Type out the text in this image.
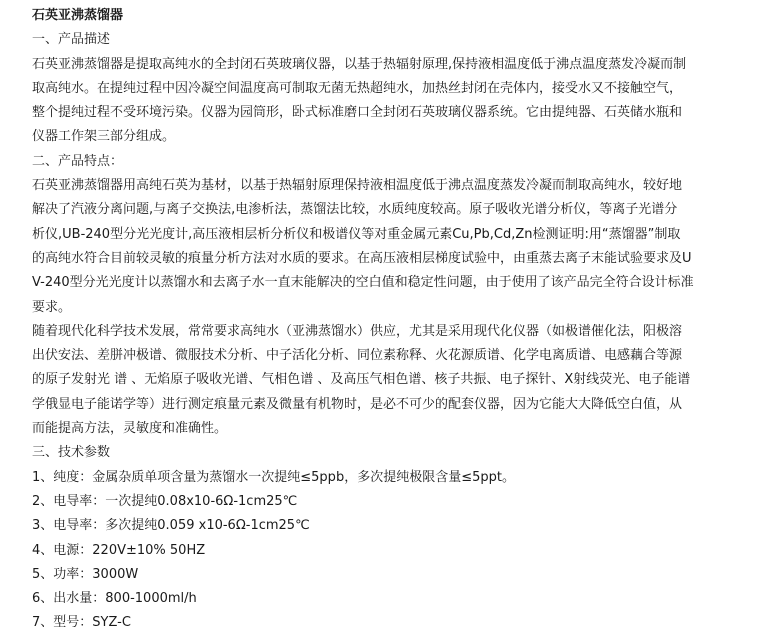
石英亚沸蒸馏器
一、产品描述
石英亚沸蒸馏器是提取高纯水的全封闭石英玻璃仪器，以基于热辐射原理,保持液相温度低于沸点温度蒸发冷凝而制
取高纯水。在提纯过程中因冷凝空间温度高可制取无菌无热超纯水，加热丝封闭在壳体内，接受水又不接触空气，
整个提纯过程不受环境污染。仪器为园筒形，卧式标准磨口全封闭石英玻璃仪器系统。它由提纯器、石英储水瓶和
仪器工作架三部分组成。
二、产品特点：
石英亚沸蒸馏器用高纯石英为基材，以基于热辐射原理保持液相温度低于沸点温度蒸发冷凝而制取高纯水，较好地
解决了汽液分离问题,与离子交换法,电渗析法，蒸馏法比较，水质纯度较高。原子吸收光谱分析仪，等离子光谱分
析仪,UB-240型分光光度计,高压液相层析分析仪和极谱仪等对重金属元素Cu,Pb,Cd,Zn检测证明:用“蒸馏器”制取
的高纯水符合目前较灵敏的痕量分析方法对水质的要求。在高压液相层梯度试验中，由重蒸去离子末能试验要求及U
V-240型分光光度计以蒸馏水和去离子水一直末能解决的空白值和稳定性问题，由于使用了该产品完全符合设计标准
要求。
随着现代化科学技术发展，常常要求高纯水（亚沸蒸馏水）供应，尤其是采用现代化仪器（如极谱催化法，阳极溶
出伏安法、差胼冲极谱、微服技术分析、中子活化分析、同位素称释、火花源质谱、化学电离质谱、电感藕合等源
的原子发射光 谱 、无焰原子吸收光谱、气相色谱 、及高压气相色谱、核子共振、电子探针、X射线荧光、电子能谱
学俄显电子能诺学等）进行测定痕量元素及微量有机物时，是必不可少的配套仪器，因为它能大大降低空白值，从
而能提高方法，灵敏度和准确性。
三、技术参数
1、纯度：金属杂质单项含量为蒸馏水一次提纯≤5ppb，多次提纯极限含量≤5ppt。
2、电导率：一次提纯0.08x10-6Ω-1cm25℃
3、电导率：多次提纯0.059 x10-6Ω-1cm25℃
4、电源：220V±10% 50HZ
5、功率：3000W
6、出水量：800-1000ml/h
7、型号：SYZ-C
